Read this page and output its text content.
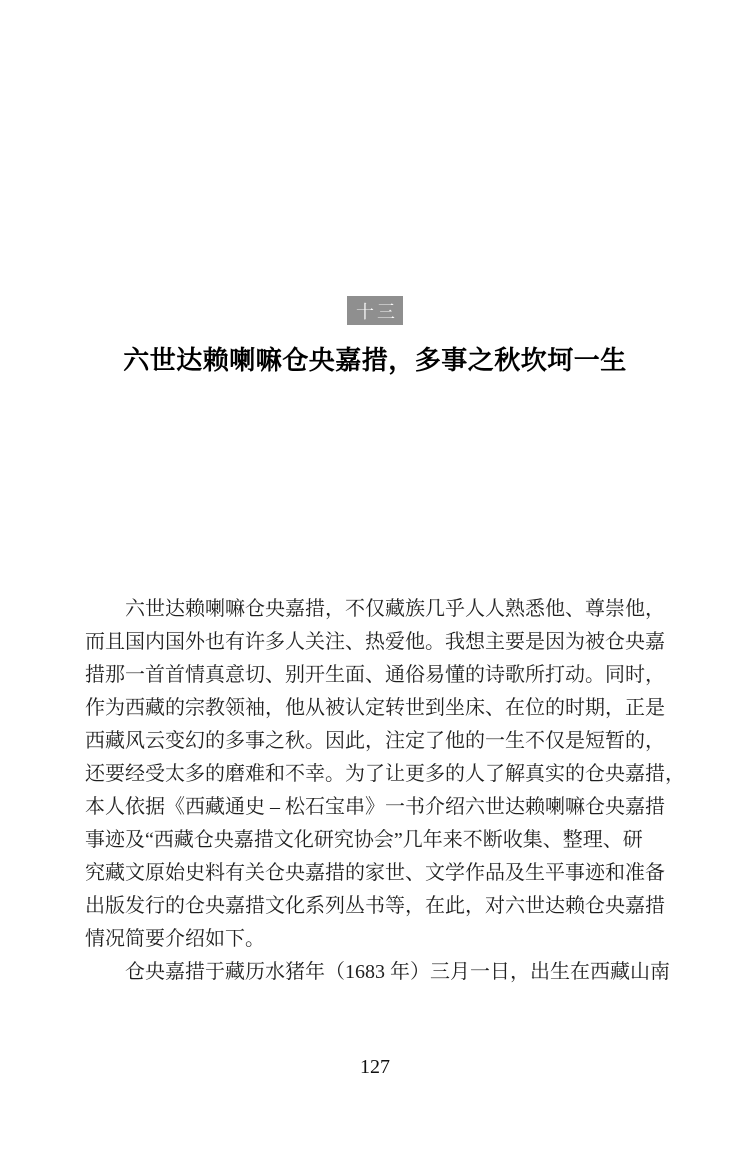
十三
六世达赖喇嘛仓央嘉措，多事之秋坎坷一生

六世达赖喇嘛仓央嘉措，不仅藏族几乎人人熟悉他、尊崇他，
而且国内国外也有许多人关注、热爱他。我想主要是因为被仓央嘉
措那一首首情真意切、别开生面、通俗易懂的诗歌所打动。同时，
作为西藏的宗教领袖，他从被认定转世到坐床、在位的时期，正是
西藏风云变幻的多事之秋。因此，注定了他的一生不仅是短暂的，
还要经受太多的磨难和不幸。为了让更多的人了解真实的仓央嘉措，
本人依据《西藏通史 – 松石宝串》一书介绍六世达赖喇嘛仓央嘉措
事迹及“西藏仓央嘉措文化研究协会”几年来不断收集、整理、研
究藏文原始史料有关仓央嘉措的家世、文学作品及生平事迹和准备
出版发行的仓央嘉措文化系列丛书等，在此，对六世达赖仓央嘉措
情况简要介绍如下。

仓央嘉措于藏历水猪年（1683 年）三月一日，出生在西藏山南

127
